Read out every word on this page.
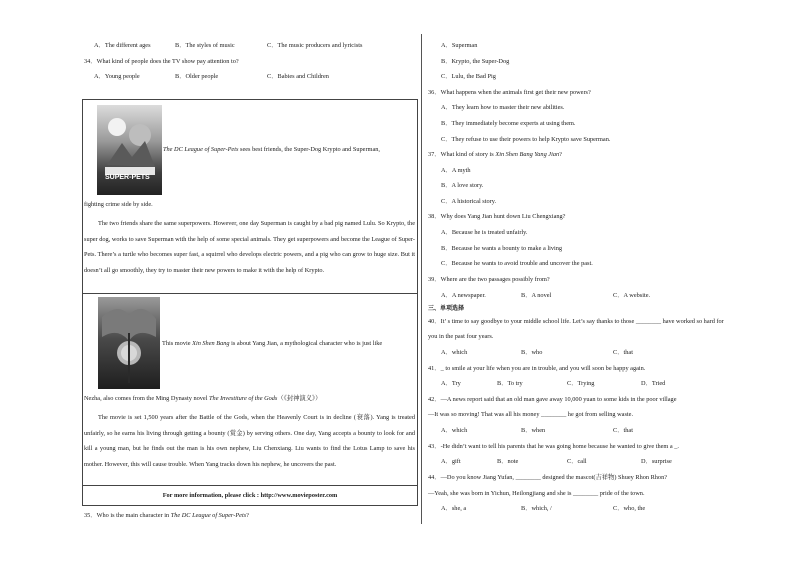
A．The different ages	B．The styles of music	C．The music producers and lyricists
34．What kind of people does the TV show pay attention to?
A．Young people	B．Older people	C．Babies and Children
SUPER-PETS
The DC League of Super-Pets sees best friends, the Super-Dog Krypto and Superman,
fighting crime side by side.

The two friends share the same superpowers. However, one day Superman is caught by a bad pig named Lulu. So Krypto, the super dog, works to save Superman with the help of some special animals. They get superpowers and become the League of Super-Pets. There’s a turtle who becomes super fast, a squirrel who develops electric powers, and a pig who can grow to huge size. But it doesn’t all go smoothly, they try to master their new powers to make it with the help of Krypto.

This movie Xin Shen Bang is about Yang Jian, a mythological character who is just like
Nezha, also comes from the Ming Dynasty novel The Investiture of the Gods（《封神演义》）

The movie is set 1,500 years after the Battle of the Gods, when the Heavenly Court is in decline (衰落). Yang is treated unfairly, so he earns his living through getting a bounty (赏金) by serving others. One day, Yang accepts a bounty to look for and kill a young man, but he finds out the man is his own nephew, Liu Chenxiang. Liu wants to find the Lotus Lamp to save his mother. However, this will cause trouble. When Yang tracks down his nephew, he uncovers the past.

For more information, please click : http://www.movieposter.com
35．Who is the main character in The DC League of Super-Pets?
A．Superman
B．Krypto, the Super-Dog
C．Lulu, the Bad Pig
36．What happens when the animals first get their new powers?
A．They learn how to master their new abilities.
B．They immediately become experts at using them.
C．They refuse to use their powers to help Krypto save Superman.
37．What kind of story is Xin Shen Bang Yang Jian?
A．A myth
B．A love story.
C．A historical story.
38．Why does Yang Jian hunt down Liu Chengxiang?
A．Because he is treated unfairly.
B．Because he wants a bounty to make a living
C．Because he wants to avoid trouble and uncover the past.
39．Where are the two passages possibly from?
A．A newspaper.	B．A novel	C．A website.
三、单项选择
40．It’ s time to say goodbye to your middle school life. Let’s say thanks to those ________ have worked so hard for
you in the past four years.
A．which	B．who	C．that
41．_ to smile at your life when you are in trouble, and you will soon be happy again.
A．Try	B．To try	C．Trying	D．Tried
42．—A news report said that an old man gave away 10,000 yuan to some kids in the poor village
—It was so moving! That was all his money ________ he got from selling waste.
A．which	B．when	C．that
43．-He didn’t want to tell his parents that he was going home because he wanted to give them a _.
A．gift	B．note	C．call	D．surprise
44．—Do you know Jiang Yufan, ________ designed the mascot(吉祥物) Shuey Rhon Rhon?
—Yeah, she was born in Yichun, Heilongjiang and she is ________ pride of the town.
A．she, a	B．which, /	C．who, the
